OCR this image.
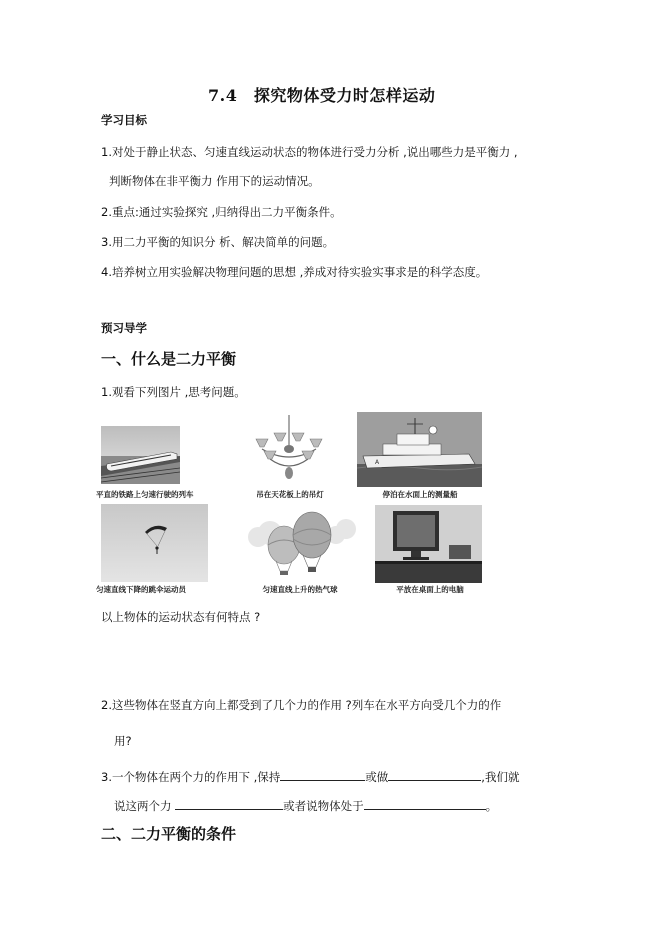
7.4　探究物体受力时怎样运动
学习目标
1.对处于静止状态、匀速直线运动状态的物体进行受力分析 ,说出哪些力是平衡力 ,
判断物体在非平衡力 作用下的运动情况。
2.重点:通过实验探究 ,归纳得出二力平衡条件。
3.用二力平衡的知识分 析、解决简单的问题。
4.培养树立用实验解决物理问题的思想 ,养成对待实验实事求是的科学态度。
预习导学
一、什么是二力平衡
1.观看下列图片 ,思考问题。
平直的铁路上匀速行驶的列车	吊在天花板上的吊灯
A
停泊在水面上的测量船
匀速直线下降的跳伞运动员	匀速直线上升的热气球	平放在桌面上的电脑
以上物体的运动状态有何特点 ?
2.这些物体在竖直方向上都受到了几个力的作用 ?列车在水平方向受几个力的作
用?
3.一个物体在两个力的作用下 ,保持	或做	,我们就
说这两个力	或者说物体处于	。
二、二力平衡的条件
